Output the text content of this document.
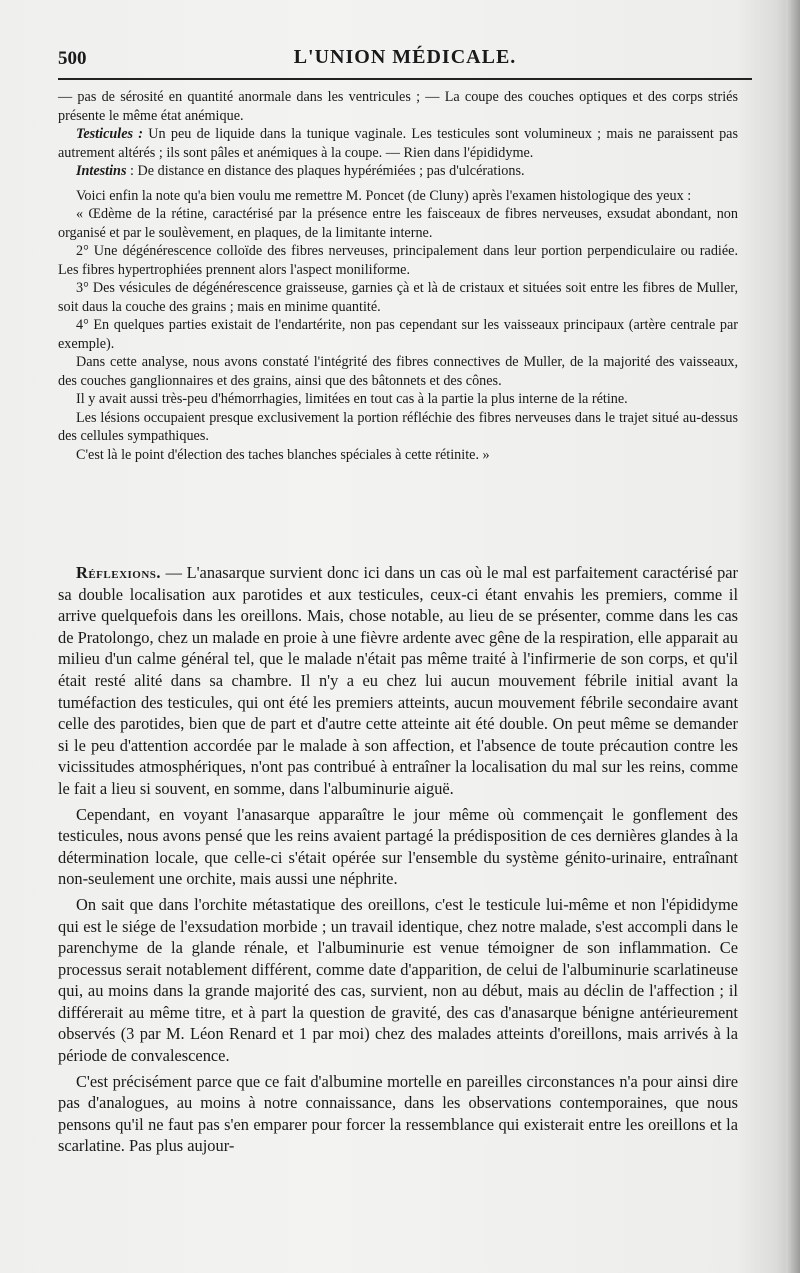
500	L'UNION MÉDICALE.

— pas de sérosité en quantité anormale dans les ventricules ; — La coupe des couches optiques et des corps striés présente le même état anémique.

Testicules : Un peu de liquide dans la tunique vaginale. Les testicules sont volumineux ; mais ne paraissent pas autrement altérés ; ils sont pâles et anémiques à la coupe. — Rien dans l'épididyme.

Intestins : De distance en distance des plaques hypérémiées ; pas d'ulcérations.

Voici enfin la note qu'a bien voulu me remettre M. Poncet (de Cluny) après l'examen histologique des yeux :

« Œdème de la rétine, caractérisé par la présence entre les faisceaux de fibres nerveuses, exsudat abondant, non organisé et par le soulèvement, en plaques, de la limitante interne.

2° Une dégénérescence colloïde des fibres nerveuses, principalement dans leur portion perpendiculaire ou radiée. Les fibres hypertrophiées prennent alors l'aspect moniliforme.

3° Des vésicules de dégénérescence graisseuse, garnies çà et là de cristaux et situées soit entre les fibres de Muller, soit daus la couche des grains ; mais en minime quantité.

4° En quelques parties existait de l'endartérite, non pas cependant sur les vaisseaux principaux (artère centrale par exemple).

Dans cette analyse, nous avons constaté l'intégrité des fibres connectives de Muller, de la majorité des vaisseaux, des couches ganglionnaires et des grains, ainsi que des bâtonnets et des cônes.

Il y avait aussi très-peu d'hémorrhagies, limitées en tout cas à la partie la plus interne de la rétine.

Les lésions occupaient presque exclusivement la portion réfléchie des fibres nerveuses dans le trajet situé au-dessus des cellules sympathiques.

C'est là le point d'élection des taches blanches spéciales à cette rétinite. »

Réflexions. — L'anasarque survient donc ici dans un cas où le mal est parfaitement caractérisé par sa double localisation aux parotides et aux testicules, ceux-ci étant envahis les premiers, comme il arrive quelquefois dans les oreillons. Mais, chose notable, au lieu de se présenter, comme dans les cas de Pratolongo, chez un malade en proie à une fièvre ardente avec gêne de la respiration, elle apparait au milieu d'un calme général tel, que le malade n'était pas même traité à l'infirmerie de son corps, et qu'il était resté alité dans sa chambre. Il n'y a eu chez lui aucun mouvement fébrile initial avant la tuméfaction des testicules, qui ont été les premiers atteints, aucun mouvement fébrile secondaire avant celle des parotides, bien que de part et d'autre cette atteinte ait été double. On peut même se demander si le peu d'attention accordée par le malade à son affection, et l'absence de toute précaution contre les vicissitudes atmosphériques, n'ont pas contribué à entraîner la localisation du mal sur les reins, comme le fait a lieu si souvent, en somme, dans l'albuminurie aiguë.

Cependant, en voyant l'anasarque apparaître le jour même où commençait le gonflement des testicules, nous avons pensé que les reins avaient partagé la prédisposition de ces dernières glandes à la détermination locale, que celle-ci s'était opérée sur l'ensemble du système génito-urinaire, entraînant non-seulement une orchite, mais aussi une néphrite.

On sait que dans l'orchite métastatique des oreillons, c'est le testicule lui-même et non l'épididyme qui est le siége de l'exsudation morbide ; un travail identique, chez notre malade, s'est accompli dans le parenchyme de la glande rénale, et l'albuminurie est venue témoigner de son inflammation. Ce processus serait notablement différent, comme date d'apparition, de celui de l'albuminurie scarlatineuse qui, au moins dans la grande majorité des cas, survient, non au début, mais au déclin de l'affection ; il différerait au même titre, et à part la question de gravité, des cas d'anasarque bénigne antérieurement observés (3 par M. Léon Renard et 1 par moi) chez des malades atteints d'oreillons, mais arrivés à la période de convalescence.

C'est précisément parce que ce fait d'albumine mortelle en pareilles circonstances n'a pour ainsi dire pas d'analogues, au moins à notre connaissance, dans les observations contemporaines, que nous pensons qu'il ne faut pas s'en emparer pour forcer la ressemblance qui existerait entre les oreillons et la scarlatine. Pas plus aujour-
